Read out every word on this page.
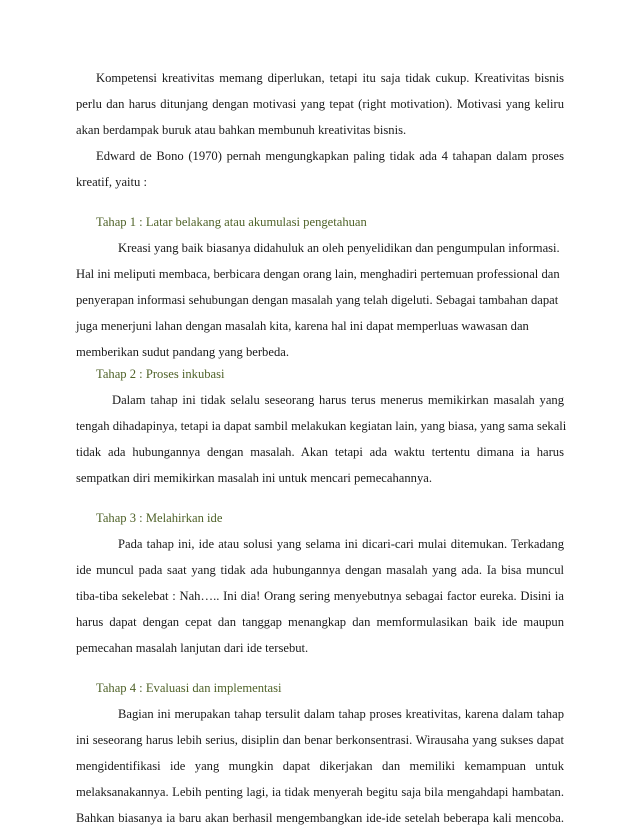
Kompetensi kreativitas memang diperlukan, tetapi itu saja tidak cukup. Kreativitas bisnis
perlu dan harus ditunjang dengan motivasi yang tepat (right motivation). Motivasi yang keliru
akan berdampak buruk atau bahkan membunuh kreativitas bisnis.
Edward de Bono (1970) pernah mengungkapkan paling tidak ada 4 tahapan dalam proses
kreatif, yaitu :
Tahap 1 : Latar belakang atau akumulasi pengetahuan
Kreasi yang baik biasanya didahuluk an oleh penyelidikan dan pengumpulan informasi.
Hal ini meliputi membaca, berbicara dengan orang lain, menghadiri pertemuan professional dan
penyerapan informasi sehubungan dengan masalah yang telah digeluti. Sebagai tambahan dapat
juga menerjuni lahan dengan masalah kita, karena hal ini dapat memperluas wawasan dan
memberikan sudut pandang yang berbeda.
Tahap 2 : Proses inkubasi
Dalam tahap ini tidak selalu seseorang harus terus menerus memikirkan masalah yang
tengah dihadapinya, tetapi ia dapat sambil melakukan kegiatan lain, yang biasa, yang sama sekali
tidak ada hubungannya dengan masalah. Akan tetapi ada waktu tertentu dimana ia harus
sempatkan diri memikirkan masalah ini untuk mencari pemecahannya.
Tahap 3 : Melahirkan ide
Pada tahap ini, ide atau solusi yang selama ini dicari-cari mulai ditemukan. Terkadang
ide muncul pada saat yang tidak ada hubungannya dengan masalah yang ada. Ia bisa muncul
tiba-tiba sekelebat : Nah….. Ini dia! Orang sering menyebutnya sebagai factor eureka. Disini ia
harus dapat dengan cepat dan tanggap menangkap dan memformulasikan baik ide maupun
pemecahan masalah lanjutan dari ide tersebut.
Tahap 4 : Evaluasi dan implementasi
Bagian ini merupakan tahap tersulit dalam tahap proses kreativitas, karena dalam tahap
ini seseorang harus lebih serius, disiplin dan benar berkonsentrasi. Wirausaha yang sukses dapat
mengidentifikasi ide yang mungkin dapat dikerjakan dan memiliki kemampuan untuk
melaksanakannya. Lebih penting lagi, ia tidak menyerah begitu saja bila mengahdapi hambatan.
Bahkan biasanya ia baru akan berhasil mengembangkan ide-ide setelah beberapa kali mencoba.
